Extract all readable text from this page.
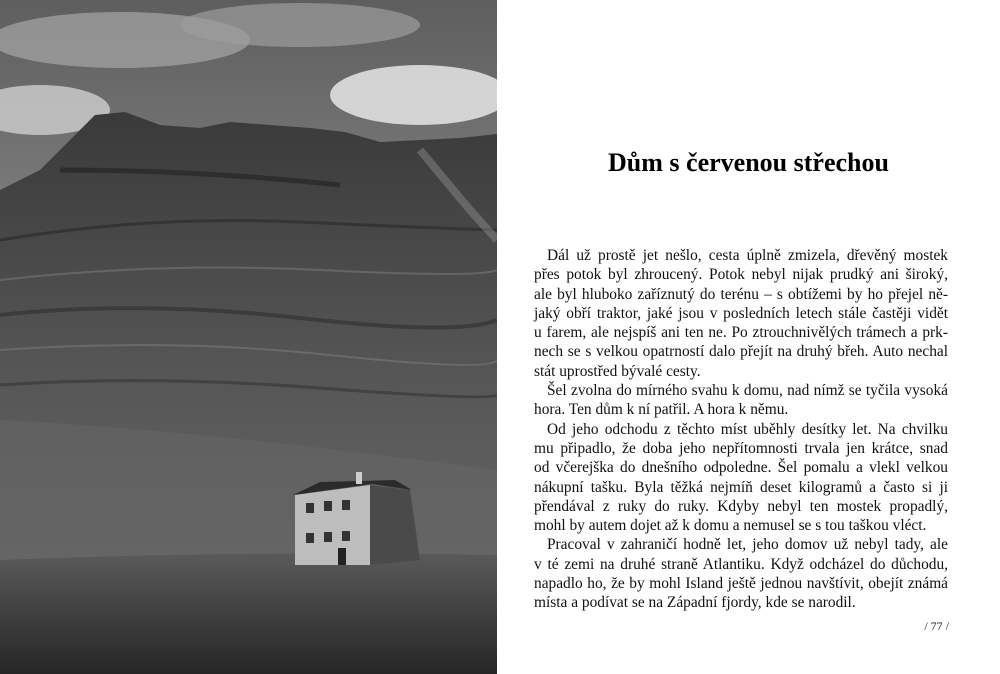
Dům s červenou střechou
Dál už prostě jet nešlo, cesta úplně zmizela, dřevěný mostek
přes potok byl zhroucený. Potok nebyl nijak prudký ani široký,
ale byl hluboko zaříznutý do terénu – s obtížemi by ho přejel ně-
jaký obří traktor, jaké jsou v posledních letech stále častěji vidět
u farem, ale nejspíš ani ten ne. Po ztrouchnivělých trámech a prk-
nech se s velkou opatrností dalo přejít na druhý břeh. Auto nechal
stát uprostřed bývalé cesty.
Šel zvolna do mírného svahu k domu, nad nímž se tyčila vysoká
hora. Ten dům k ní patřil. A hora k němu.
Od jeho odchodu z těchto míst uběhly desítky let. Na chvilku
mu připadlo, že doba jeho nepřítomnosti trvala jen krátce, snad
od včerejška do dnešního odpoledne. Šel pomalu a vlekl velkou
nákupní tašku. Byla těžká nejmíň deset kilogramů a často si ji
přendával z ruky do ruky. Kdyby nebyl ten mostek propadlý,
mohl by autem dojet až k domu a nemusel se s tou taškou vléct.
Pracoval v zahraničí hodně let, jeho domov už nebyl tady, ale
v té zemi na druhé straně Atlantiku. Když odcházel do důchodu,
napadlo ho, že by mohl Island ještě jednou navštívit, obejít známá
místa a podívat se na Západní fjordy, kde se narodil.
/ 77 /
